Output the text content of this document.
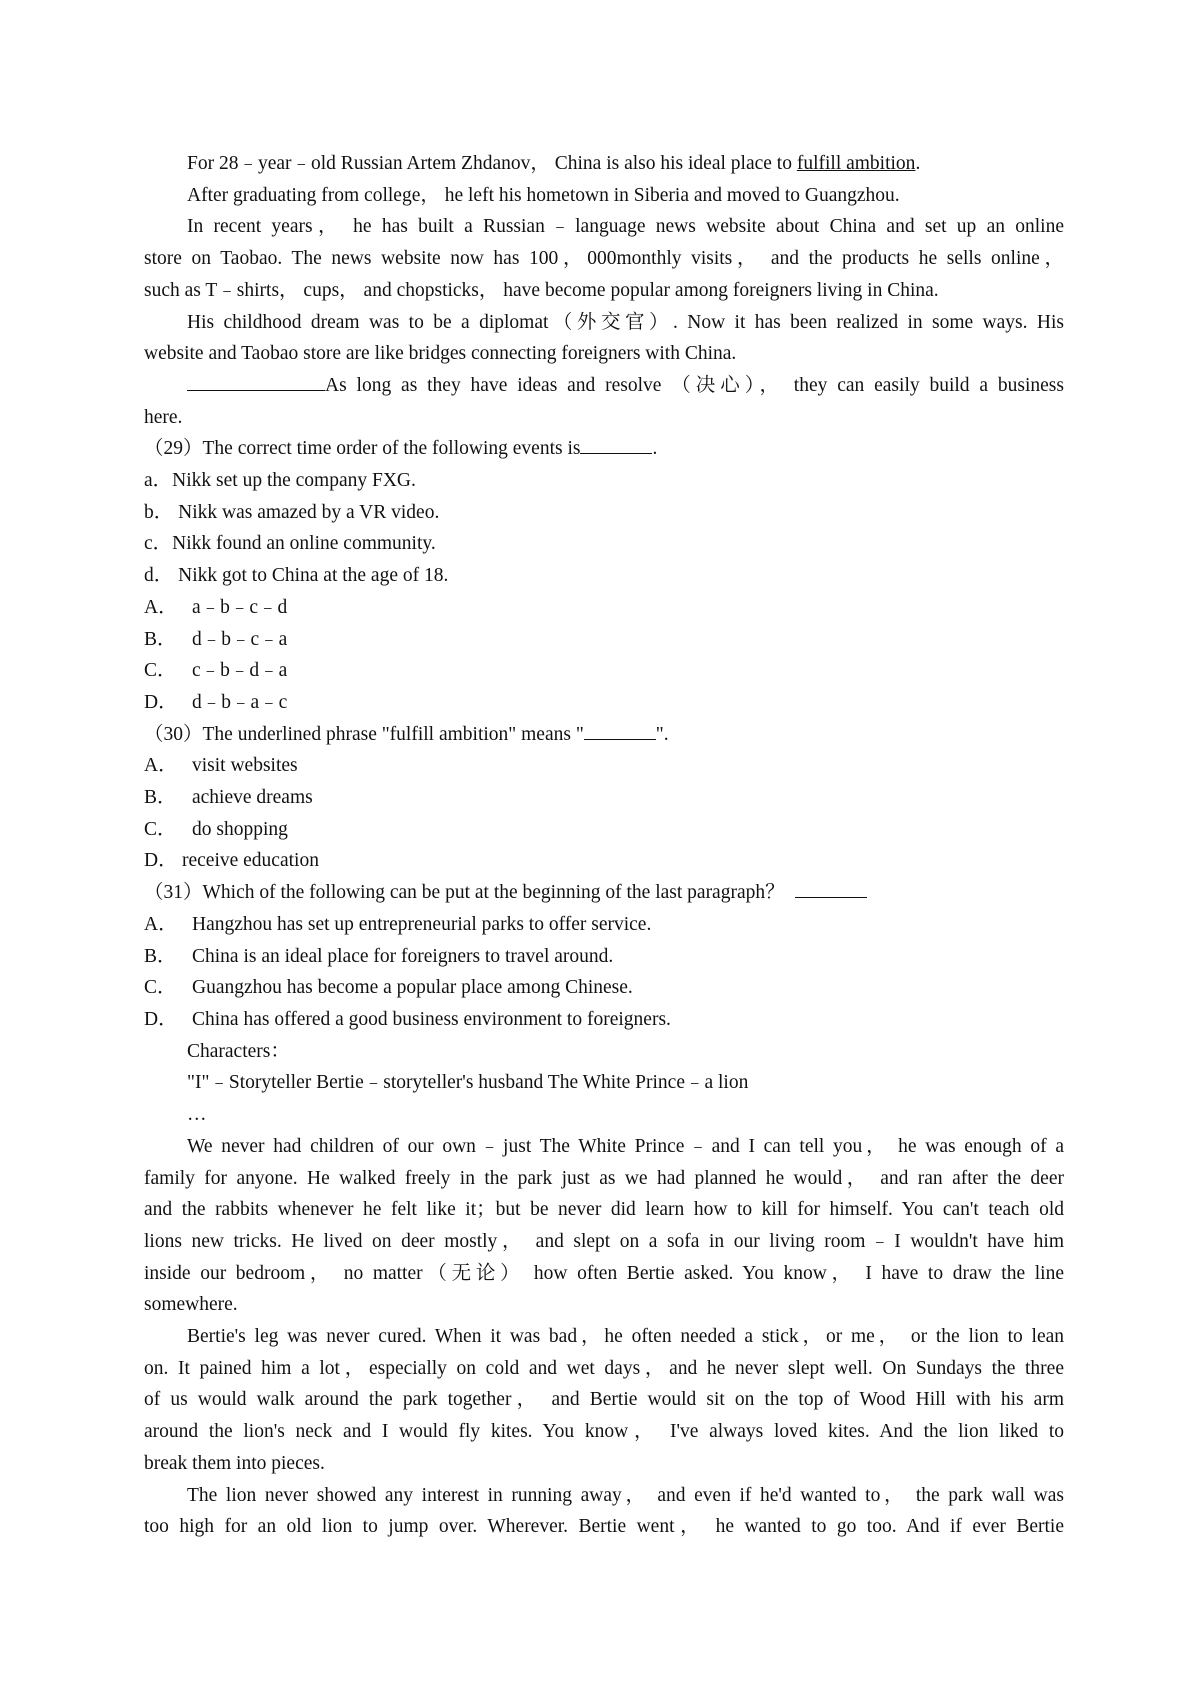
For 28﹣year﹣old Russian Artem Zhdanov， China is also his ideal place to fulfill ambition.
After graduating from college， he left his hometown in Siberia and moved to Guangzhou.
In recent years， he has built a Russian﹣language news website about China and set up an online
store on Taobao. The news website now has 100，000monthly visits， and the products he sells online，
such as T﹣shirts， cups， and chopsticks， have become popular among foreigners living in China.
His childhood dream was to be a diplomat（外交官）. Now it has been realized in some ways. His
website and Taobao store are like bridges connecting foreigners with China.
As long as they have ideas and resolve （决心）， they can easily build a business
here.
（29）The correct time order of the following events is	.
a．Nikk set up the company FXG.
b． Nikk was amazed by a VR video.
c．Nikk found an online community.
d． Nikk got to China at the age of 18.
A． a﹣b﹣c﹣d
B． d﹣b﹣c﹣a
C． c﹣b﹣d﹣a
D． d﹣b﹣a﹣c
（30）The underlined phrase "fulfill ambition" means "	".
A． visit websites
B． achieve dreams
C． do shopping
D． receive education
（31）Which of the following can be put at the beginning of the last paragraph？
A． Hangzhou has set up entrepreneurial parks to offer service.
B． China is an ideal place for foreigners to travel around.
C． Guangzhou has become a popular place among Chinese.
D． China has offered a good business environment to foreigners.
Characters：
"I"﹣Storyteller Bertie﹣storyteller's husband The White Prince﹣a lion
…
We never had children of our own﹣just The White Prince﹣and I can tell you， he was enough of a
family for anyone. He walked freely in the park just as we had planned he would， and ran after the deer
and the rabbits whenever he felt like it；but be never did learn how to kill for himself. You can't teach old
lions new tricks. He lived on deer mostly， and slept on a sofa in our living room﹣I wouldn't have him
inside our bedroom， no matter（无论） how often Bertie asked. You know， I have to draw the line
somewhere.
Bertie's leg was never cured. When it was bad，he often needed a stick，or me， or the lion to lean
on. It pained him a lot，especially on cold and wet days，and he never slept well. On Sundays the three
of us would walk around the park together， and Bertie would sit on the top of Wood Hill with his arm
around the lion's neck and I would fly kites. You know， I've always loved kites. And the lion liked to
break them into pieces.
The lion never showed any interest in running away， and even if he'd wanted to， the park wall was
too high for an old lion to jump over. Wherever. Bertie went， he wanted to go too. And if ever Bertie
